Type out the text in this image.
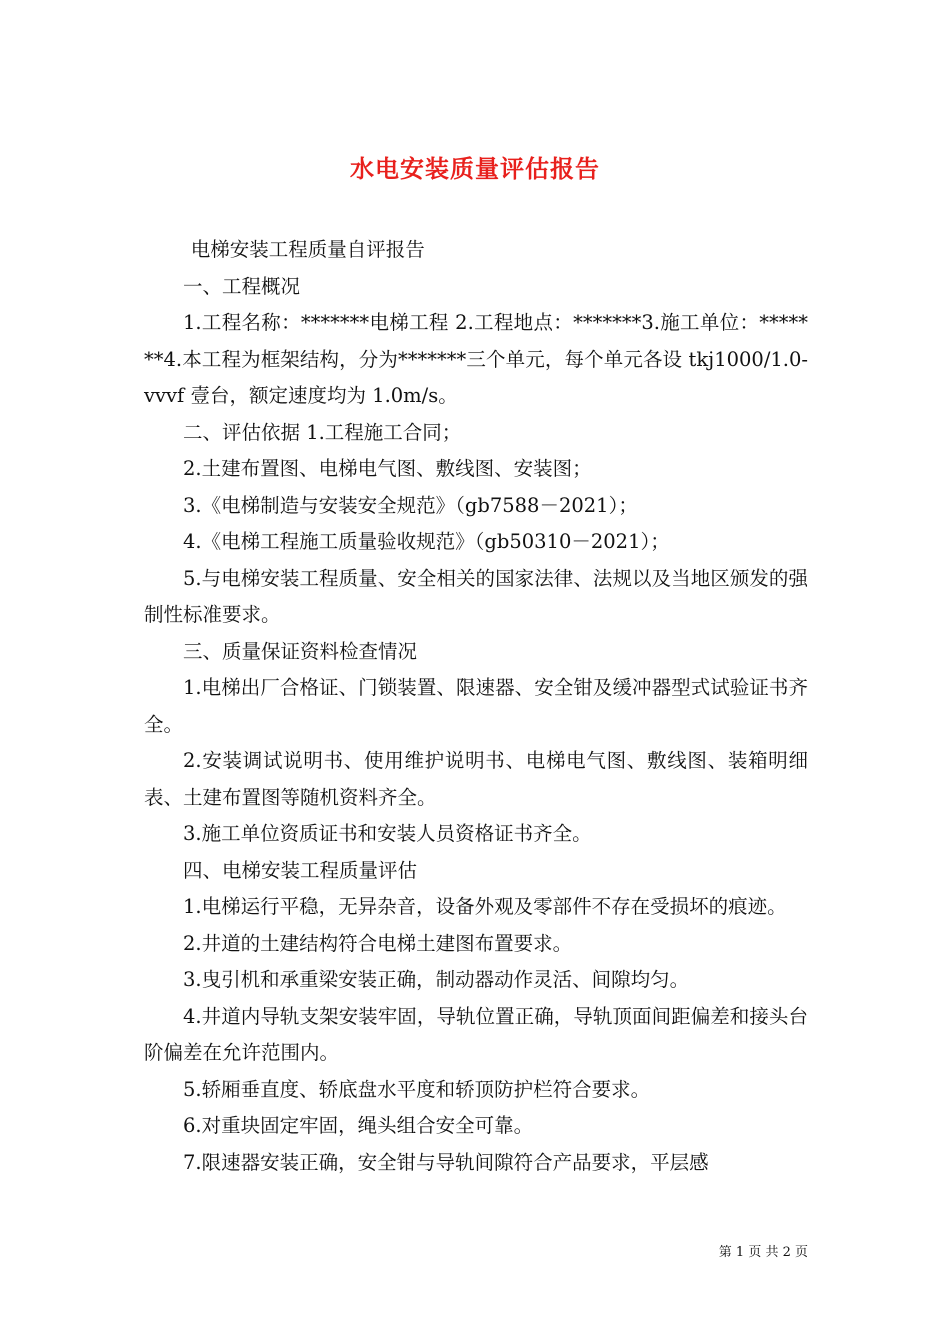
水电安装质量评估报告

电梯安装工程质量自评报告

一、工程概况

1.工程名称：*******电梯工程 2.工程地点：*******3.施工单位：*******4.本工程为框架结构，分为*******三个单元，每个单元各设 tkj1000/1.0-vvvf 壹台，额定速度均为 1.0m/s。

二、评估依据 1.工程施工合同；

2.土建布置图、电梯电气图、敷线图、安装图；

3.《电梯制造与安装安全规范》（gb7588－2021）；

4.《电梯工程施工质量验收规范》（gb50310－2021）；

5.与电梯安装工程质量、安全相关的国家法律、法规以及当地区颁发的强制性标准要求。

三、质量保证资料检查情况

1.电梯出厂合格证、门锁装置、限速器、安全钳及缓冲器型式试验证书齐全。

2.安装调试说明书、使用维护说明书、电梯电气图、敷线图、装箱明细表、土建布置图等随机资料齐全。

3.施工单位资质证书和安装人员资格证书齐全。

四、电梯安装工程质量评估

1.电梯运行平稳，无异杂音，设备外观及零部件不存在受损坏的痕迹。

2.井道的土建结构符合电梯土建图布置要求。

3.曳引机和承重梁安装正确，制动器动作灵活、间隙均匀。

4.井道内导轨支架安装牢固，导轨位置正确，导轨顶面间距偏差和接头台阶偏差在允许范围内。

5.轿厢垂直度、轿底盘水平度和轿顶防护栏符合要求。

6.对重块固定牢固，绳头组合安全可靠。

7.限速器安装正确，安全钳与导轨间隙符合产品要求，平层感

第 1 页 共 2 页
